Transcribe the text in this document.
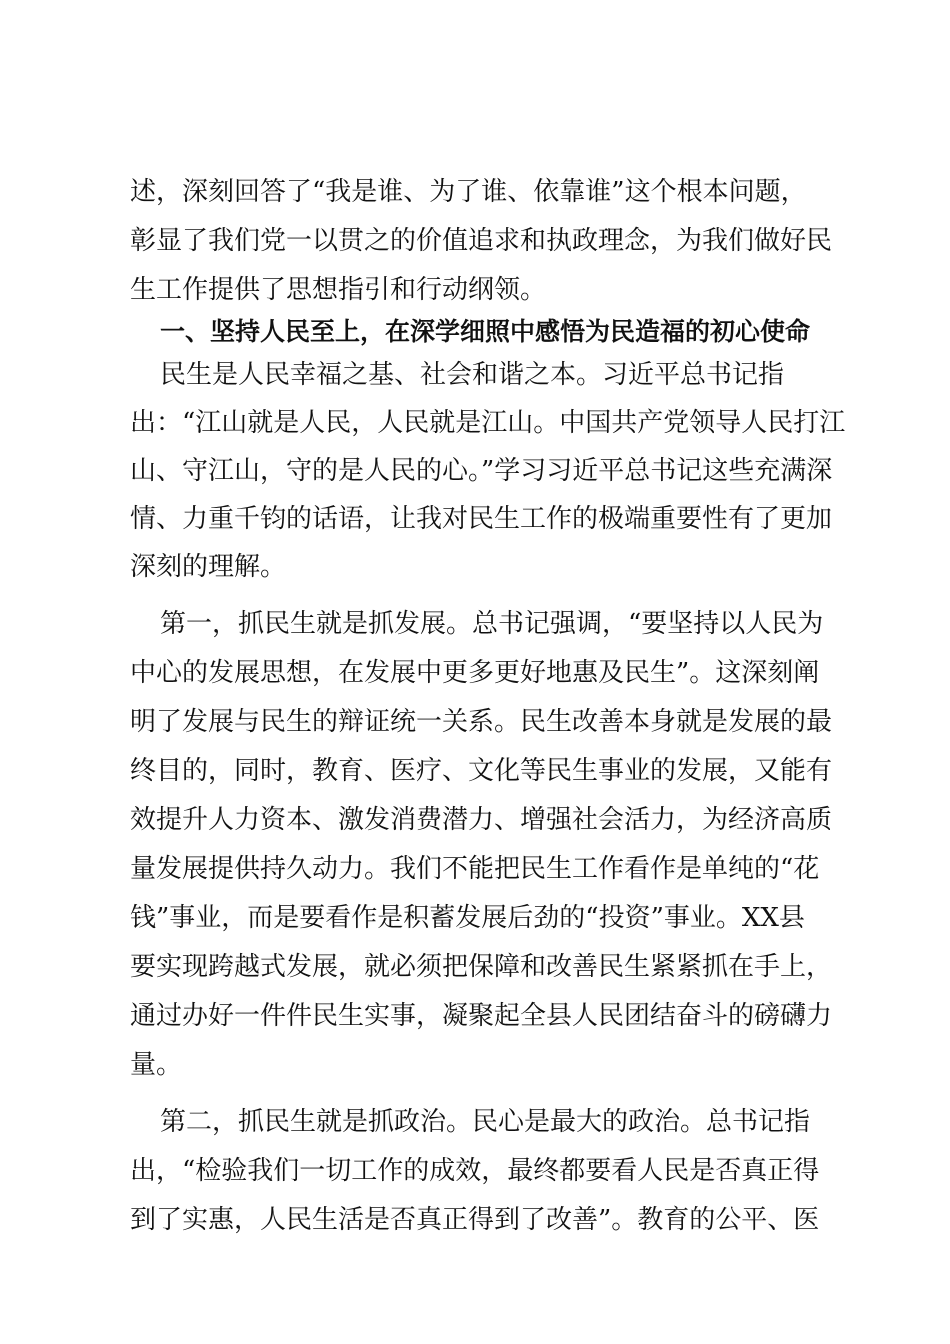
述，深刻回答了“我是谁、为了谁、依靠谁”这个根本问题，
彰显了我们党一以贯之的价值追求和执政理念，为我们做好民
生工作提供了思想指引和行动纲领。
一、坚持人民至上，在深学细照中感悟为民造福的初心使命
民生是人民幸福之基、社会和谐之本。习近平总书记指
出：“江山就是人民，人民就是江山。中国共产党领导人民打江
山、守江山，守的是人民的心。”学习习近平总书记这些充满深
情、力重千钧的话语，让我对民生工作的极端重要性有了更加
深刻的理解。
第一，抓民生就是抓发展。总书记强调，“要坚持以人民为
中心的发展思想，在发展中更多更好地惠及民生”。这深刻阐
明了发展与民生的辩证统一关系。民生改善本身就是发展的最
终目的，同时，教育、医疗、文化等民生事业的发展，又能有
效提升人力资本、激发消费潜力、增强社会活力，为经济高质
量发展提供持久动力。我们不能把民生工作看作是单纯的“花
钱”事业，而是要看作是积蓄发展后劲的“投资”事业。XX县
要实现跨越式发展，就必须把保障和改善民生紧紧抓在手上，
通过办好一件件民生实事，凝聚起全县人民团结奋斗的磅礴力
量。
第二，抓民生就是抓政治。民心是最大的政治。总书记指
出，“检验我们一切工作的成效，最终都要看人民是否真正得
到了实惠，人民生活是否真正得到了改善”。教育的公平、医
